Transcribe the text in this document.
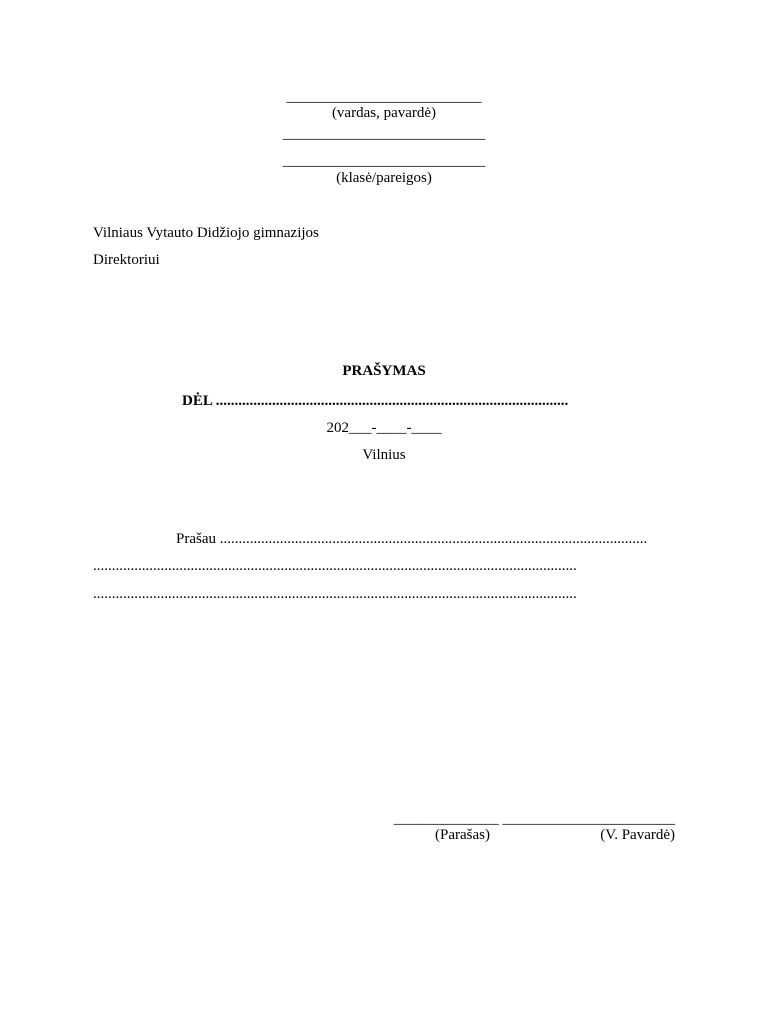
__________________________
(vardas, pavardė)
___________________________
___________________________
(klasė/pareigos)
Vilniaus Vytauto Didžiojo gimnazijos
Direktoriui
PRAŠYMAS
DĖL ..............................................................................................
202___-____-____
Vilnius
Prašau ..................................................................................................................
.................................................................................................................................
.................................................................................................................................
______________ _______________________
(Parašas)	(V. Pavardė)
